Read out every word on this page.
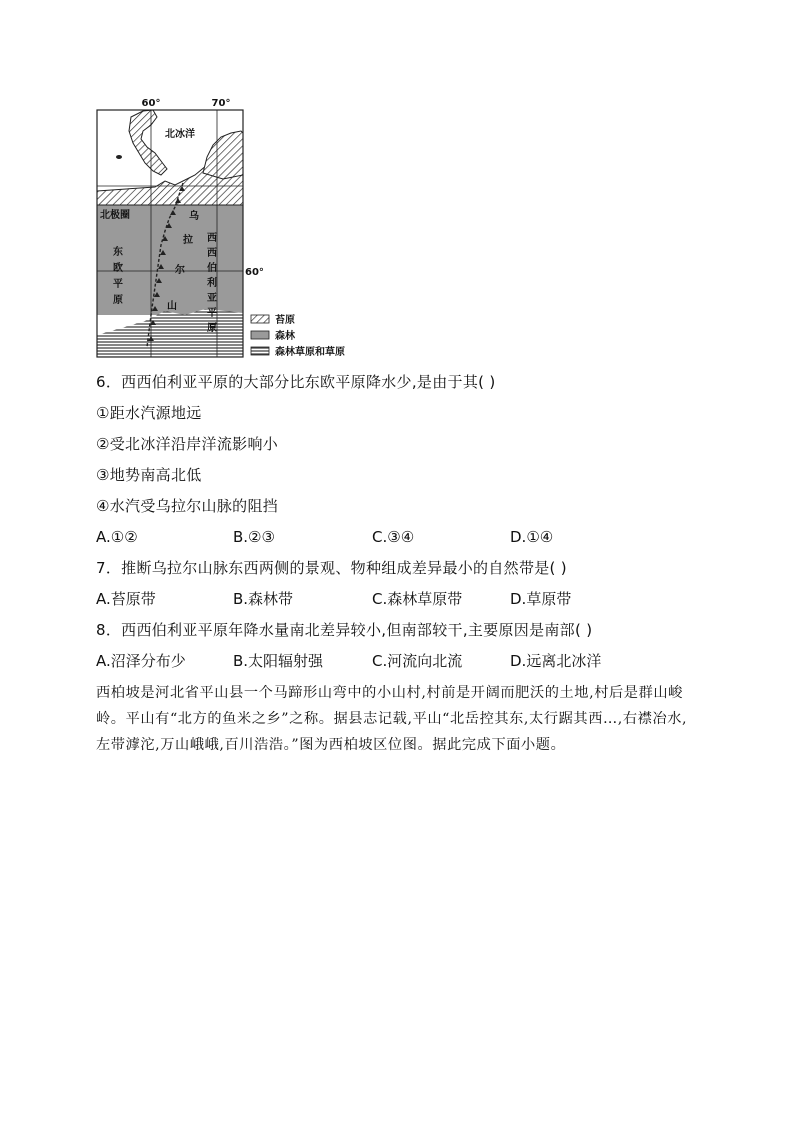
60°	70°
60°
北冰洋
北极圈
东
欧
平
原
乌
拉
尔
山
西
西
伯
利
亚
平
原
苔原
森林
森林草原和草原
6．西西伯利亚平原的大部分比东欧平原降水少,是由于其( )
①距水汽源地远
②受北冰洋沿岸洋流影响小
③地势南高北低
④水汽受乌拉尔山脉的阻挡
A.①②	B.②③	C.③④	D.①④
7．推断乌拉尔山脉东西两侧的景观、物种组成差异最小的自然带是( )
A.苔原带	B.森林带	C.森林草原带	D.草原带
8．西西伯利亚平原年降水量南北差异较小,但南部较干,主要原因是南部( )
A.沼泽分布少	B.太阳辐射强	C.河流向北流	D.远离北冰洋
西柏坡是河北省平山县一个马蹄形山弯中的小山村,村前是开阔而肥沃的土地,村后是群山峻岭。平山有“北方的鱼米之乡”之称。据县志记载,平山“北岳控其东,太行踞其西…,右襟冶水,左带滹沱,万山峨峨,百川浩浩。”图为西柏坡区位图。据此完成下面小题。
